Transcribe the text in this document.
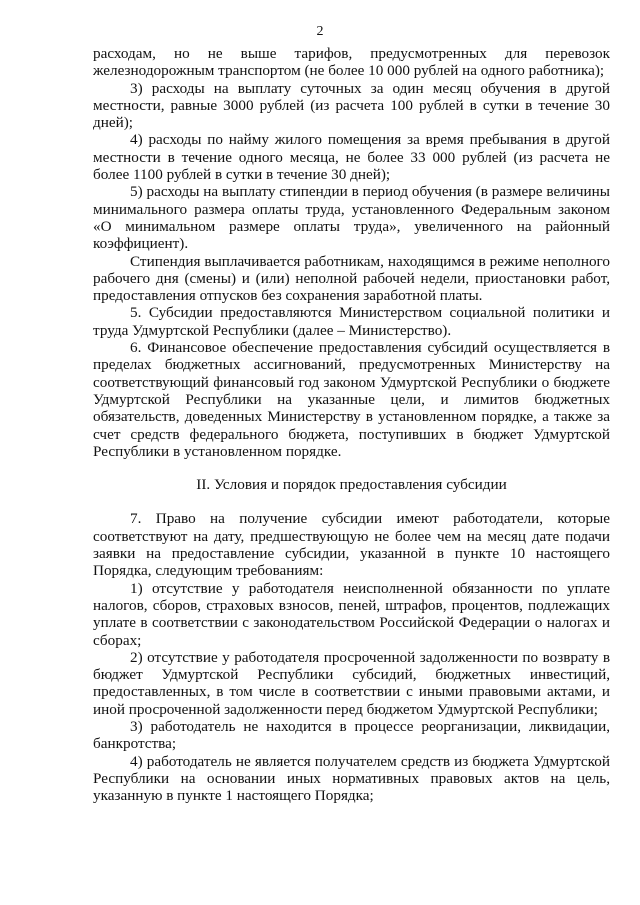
2

расходам, но не выше тарифов, предусмотренных для перевозок железнодорожным транспортом (не более 10 000 рублей на одного работника);

3) расходы на выплату суточных за один месяц обучения в другой местности, равные 3000 рублей (из расчета 100 рублей в сутки в течение 30 дней);

4) расходы по найму жилого помещения за время пребывания в другой местности в течение одного месяца, не более 33 000 рублей (из расчета не более 1100 рублей в сутки в течение 30 дней);

5) расходы на выплату стипендии в период обучения (в размере величины минимального размера оплаты труда, установленного Федеральным законом «О минимальном размере оплаты труда», увеличенного на районный коэффициент).

Стипендия выплачивается работникам, находящимся в режиме неполного рабочего дня (смены) и (или) неполной рабочей недели, приостановки работ, предоставления отпусков без сохранения заработной платы.

5. Субсидии предоставляются Министерством социальной политики и труда Удмуртской Республики (далее – Министерство).

6. Финансовое обеспечение предоставления субсидий осуществляется в пределах бюджетных ассигнований, предусмотренных Министерству на соответствующий финансовый год законом Удмуртской Республики о бюджете Удмуртской Республики на указанные цели, и лимитов бюджетных обязательств, доведенных Министерству в установленном порядке, а также за счет средств федерального бюджета, поступивших в бюджет Удмуртской Республики в установленном порядке.

II. Условия и порядок предоставления субсидии

7. Право на получение субсидии имеют работодатели, которые соответствуют на дату, предшествующую не более чем на месяц дате подачи заявки на предоставление субсидии, указанной в пункте 10 настоящего Порядка, следующим требованиям:

1) отсутствие у работодателя неисполненной обязанности по уплате налогов, сборов, страховых взносов, пеней, штрафов, процентов, подлежащих уплате в соответствии с законодательством Российской Федерации о налогах и сборах;

2) отсутствие у работодателя просроченной задолженности по возврату в бюджет Удмуртской Республики субсидий, бюджетных инвестиций, предоставленных, в том числе в соответствии с иными правовыми актами, и иной просроченной задолженности перед бюджетом Удмуртской Республики;

3) работодатель не находится в процессе реорганизации, ликвидации, банкротства;

4) работодатель не является получателем средств из бюджета Удмуртской Республики на основании иных нормативных правовых актов на цель, указанную в пункте 1 настоящего Порядка;
